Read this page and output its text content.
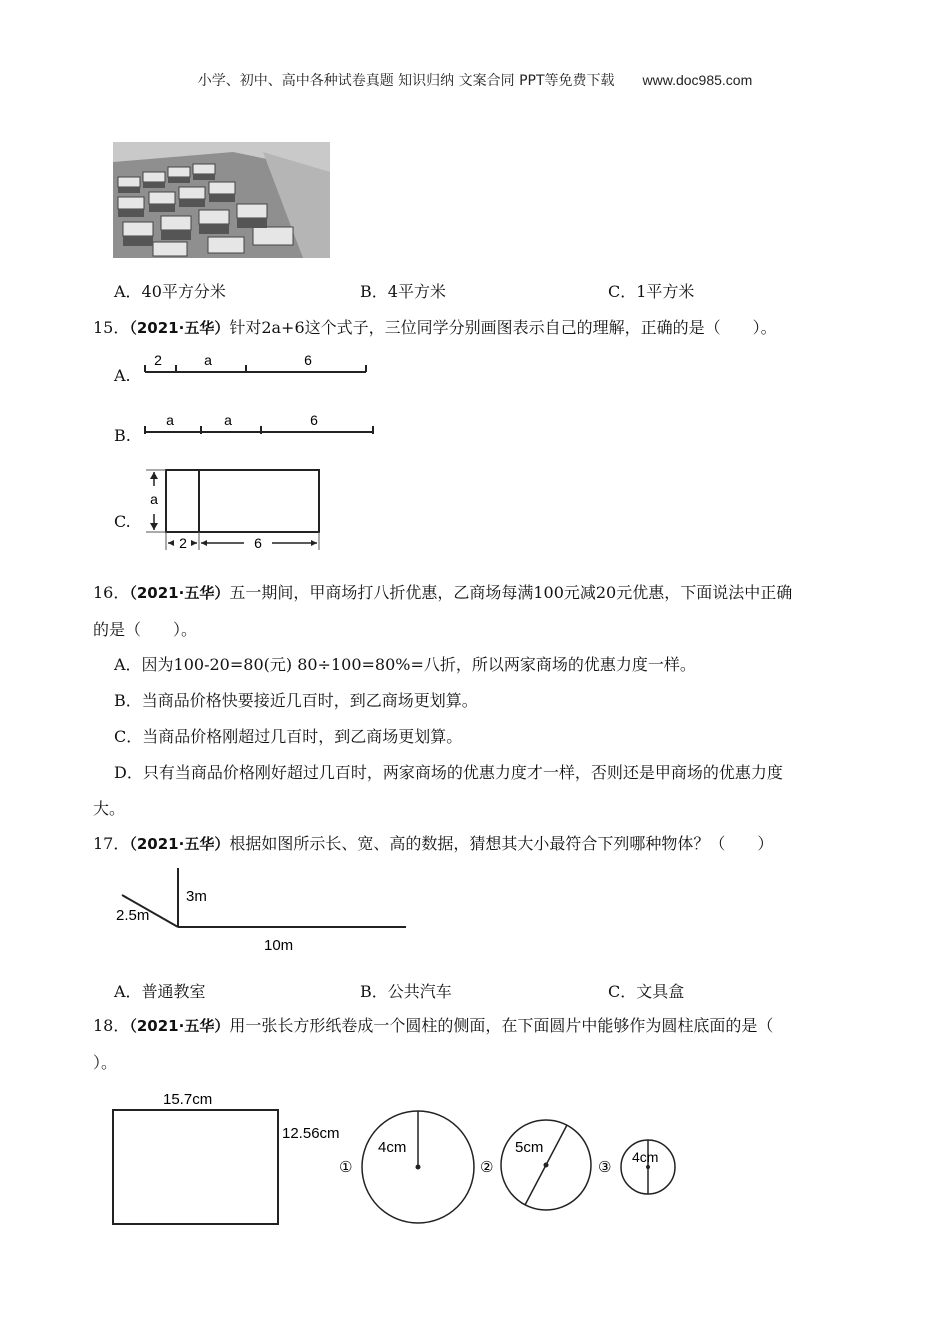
小学、初中、高中各种试卷真题 知识归纳 文案合同 PPT等免费下载 www.doc985.com
A．40平方分米	B．4平方米	C．1平方米
15．（2021·五华）针对2a+6这个式子，三位同学分别画图表示自己的理解，正确的是（　　）。
A.
2	a	6
B.
a	a	6
C.
a
2	6
16．（2021·五华）五一期间，甲商场打八折优惠，乙商场每满100元减20元优惠，下面说法中正确
的是（　　）。
A．因为100-20=80(元) 80÷100=80%=八折，所以两家商场的优惠力度一样。
B．当商品价格快要接近几百时，到乙商场更划算。
C．当商品价格刚超过几百时，到乙商场更划算。
D．只有当商品价格刚好超过几百时，两家商场的优惠力度才一样，否则还是甲商场的优惠力度
大。
17．（2021·五华）根据如图所示长、宽、高的数据，猜想其大小最符合下列哪种物体？（　　）
3m
2.5m
10m
A．普通教室	B．公共汽车	C．文具盒
18．（2021·五华）用一张长方形纸卷成一个圆柱的侧面，在下面圆片中能够作为圆柱底面的是（
）。
15.7cm
12.56cm
①
4cm
②
5cm
③
4cm
